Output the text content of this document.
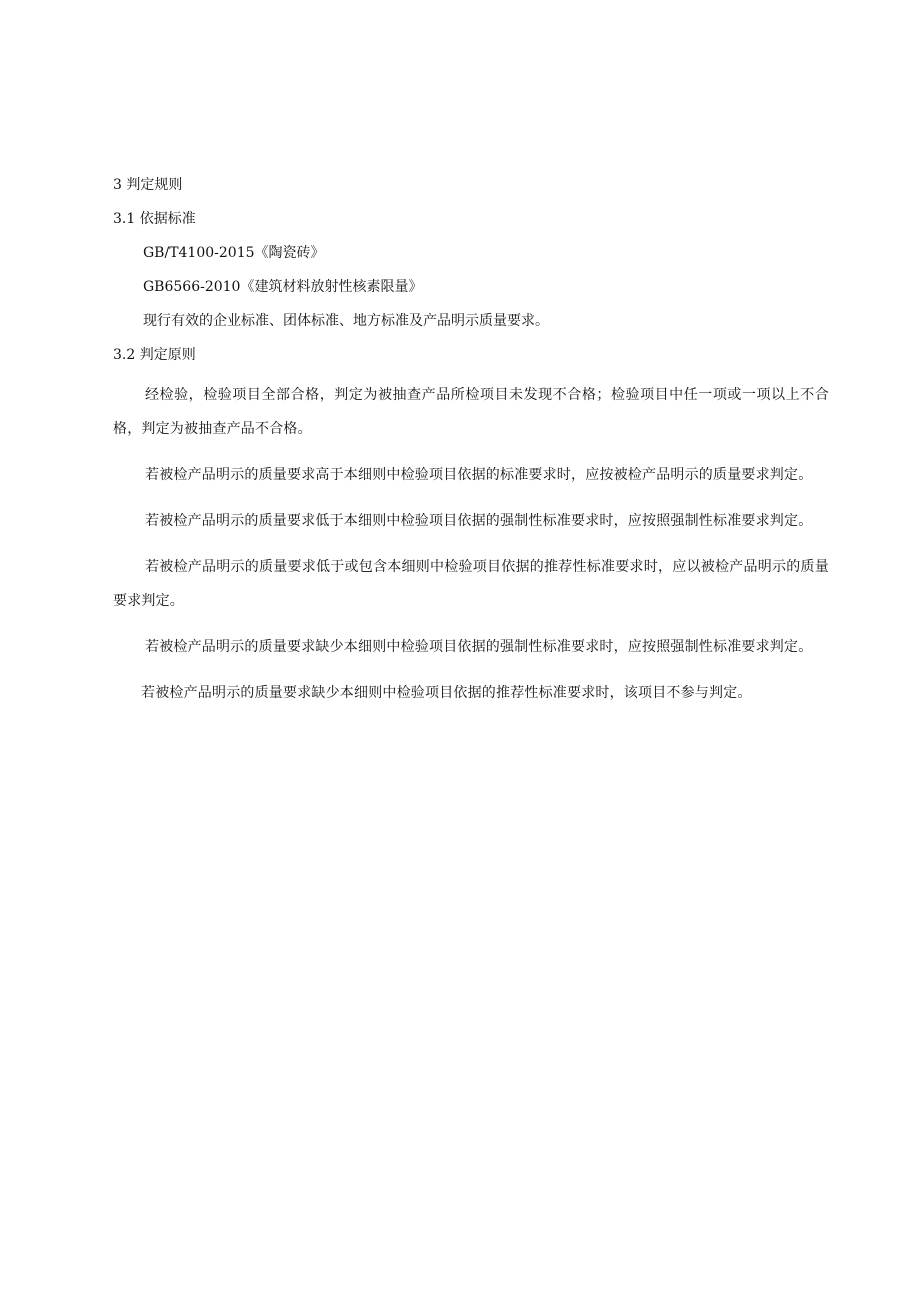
3 判定规则

3.1 依据标准

GB/T4100-2015《陶瓷砖》

GB6566-2010《建筑材料放射性核素限量》

现行有效的企业标准、团体标准、地方标准及产品明示质量要求。

3.2 判定原则

经检验，检验项目全部合格，判定为被抽查产品所检项目未发现不合格；检验项目中任一项或一项以上不合格，判定为被抽查产品不合格。

若被检产品明示的质量要求高于本细则中检验项目依据的标准要求时，应按被检产品明示的质量要求判定。

若被检产品明示的质量要求低于本细则中检验项目依据的强制性标准要求时，应按照强制性标准要求判定。

若被检产品明示的质量要求低于或包含本细则中检验项目依据的推荐性标准要求时，应以被检产品明示的质量要求判定。

若被检产品明示的质量要求缺少本细则中检验项目依据的强制性标准要求时，应按照强制性标准要求判定。

若被检产品明示的质量要求缺少本细则中检验项目依据的推荐性标准要求时，该项目不参与判定。
